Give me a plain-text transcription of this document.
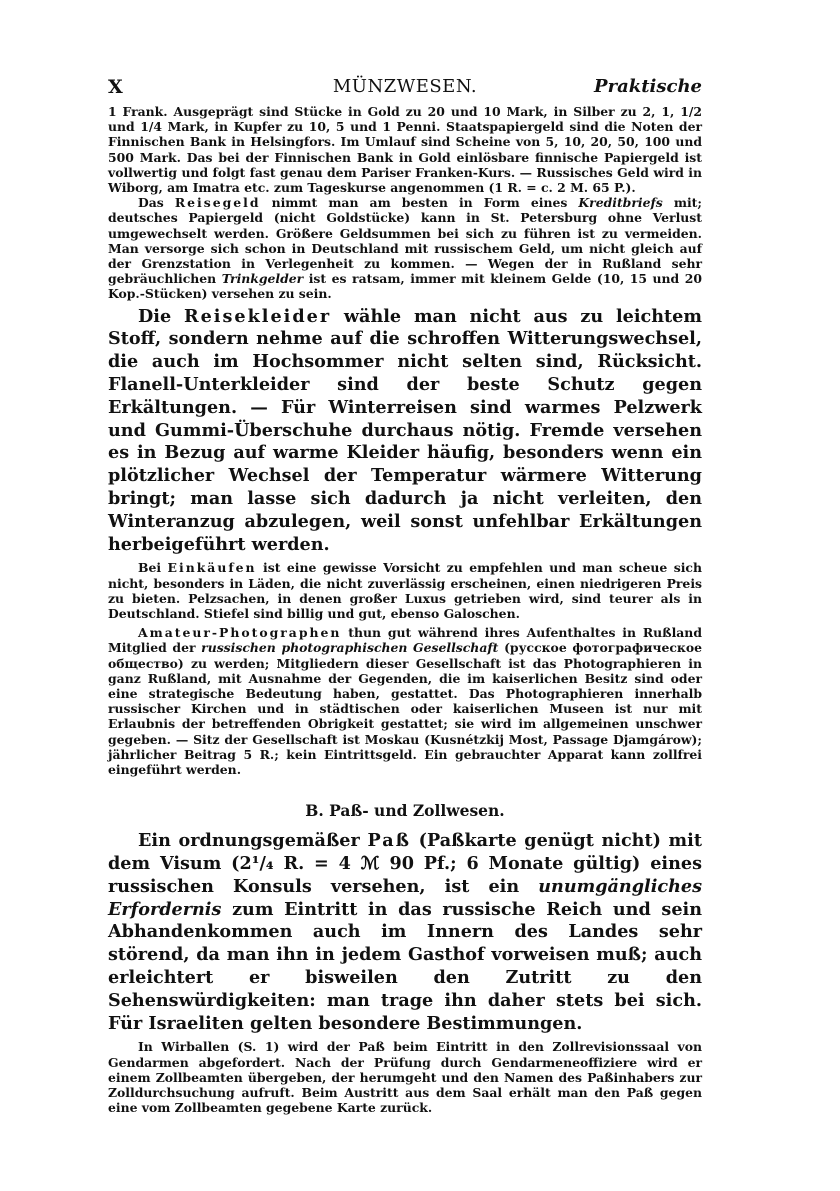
X	MÜNZWESEN.	Praktische

1 Frank. Ausgeprägt sind Stücke in Gold zu 20 und 10 Mark, in Silber zu 2, 1, 1/2 und 1/4 Mark, in Kupfer zu 10, 5 und 1 Penni. Staatspapiergeld sind die Noten der Finnischen Bank in Helsingfors. Im Umlauf sind Scheine von 5, 10, 20, 50, 100 und 500 Mark. Das bei der Finnischen Bank in Gold einlösbare finnische Papiergeld ist vollwertig und folgt fast genau dem Pariser Franken-Kurs. — Russisches Geld wird in Wiborg, am Imatra etc. zum Tageskurse angenommen (1 R. = c. 2 M. 65 P.).

Das Reisegeld nimmt man am besten in Form eines Kreditbriefs mit; deutsches Papiergeld (nicht Goldstücke) kann in St. Petersburg ohne Verlust umgewechselt werden. Größere Geldsummen bei sich zu führen ist zu vermeiden. Man versorge sich schon in Deutschland mit russischem Geld, um nicht gleich auf der Grenzstation in Verlegenheit zu kommen. — Wegen der in Rußland sehr gebräuchlichen Trinkgelder ist es ratsam, immer mit kleinem Gelde (10, 15 und 20 Kop.-Stücken) versehen zu sein.

Die Reisekleider wähle man nicht aus zu leichtem Stoff, sondern nehme auf die schroffen Witterungswechsel, die auch im Hochsommer nicht selten sind, Rücksicht. Flanell-Unterkleider sind der beste Schutz gegen Erkältungen. — Für Winterreisen sind warmes Pelzwerk und Gummi-Überschuhe durchaus nötig. Fremde versehen es in Bezug auf warme Kleider häufig, besonders wenn ein plötzlicher Wechsel der Temperatur wärmere Witterung bringt; man lasse sich dadurch ja nicht verleiten, den Winteranzug abzulegen, weil sonst unfehlbar Erkältungen herbeigeführt werden.

Bei Einkäufen ist eine gewisse Vorsicht zu empfehlen und man scheue sich nicht, besonders in Läden, die nicht zuverlässig erscheinen, einen niedrigeren Preis zu bieten. Pelzsachen, in denen großer Luxus getrieben wird, sind teurer als in Deutschland. Stiefel sind billig und gut, ebenso Galoschen.

Amateur-Photographen thun gut während ihres Aufenthaltes in Rußland Mitglied der russischen photographischen Gesellschaft (русское фотографическое общество) zu werden; Mitgliedern dieser Gesellschaft ist das Photographieren in ganz Rußland, mit Ausnahme der Gegenden, die im kaiserlichen Besitz sind oder eine strategische Bedeutung haben, gestattet. Das Photographieren innerhalb russischer Kirchen und in städtischen oder kaiserlichen Museen ist nur mit Erlaubnis der betreffenden Obrigkeit gestattet; sie wird im allgemeinen unschwer gegeben. — Sitz der Gesellschaft ist Moskau (Kusnétzkij Most, Passage Djamgárow); jährlicher Beitrag 5 R.; kein Eintrittsgeld. Ein gebrauchter Apparat kann zollfrei eingeführt werden.

B. Paß- und Zollwesen.

Ein ordnungsgemäßer Paß (Paßkarte genügt nicht) mit dem Visum (2¹/₄ R. = 4 ℳ 90 Pf.; 6 Monate gültig) eines russischen Konsuls versehen, ist ein unumgängliches Erfordernis zum Eintritt in das russische Reich und sein Abhandenkommen auch im Innern des Landes sehr störend, da man ihn in jedem Gasthof vorweisen muß; auch erleichtert er bisweilen den Zutritt zu den Sehenswürdigkeiten: man trage ihn daher stets bei sich. Für Israeliten gelten besondere Bestimmungen.

In Wirballen (S. 1) wird der Paß beim Eintritt in den Zollrevisionssaal von Gendarmen abgefordert. Nach der Prüfung durch Gendarmeneoffiziere wird er einem Zollbeamten übergeben, der herumgeht und den Namen des Paßinhabers zur Zolldurchsuchung aufruft. Beim Austritt aus dem Saal erhält man den Paß gegen eine vom Zollbeamten gegebene Karte zurück.
